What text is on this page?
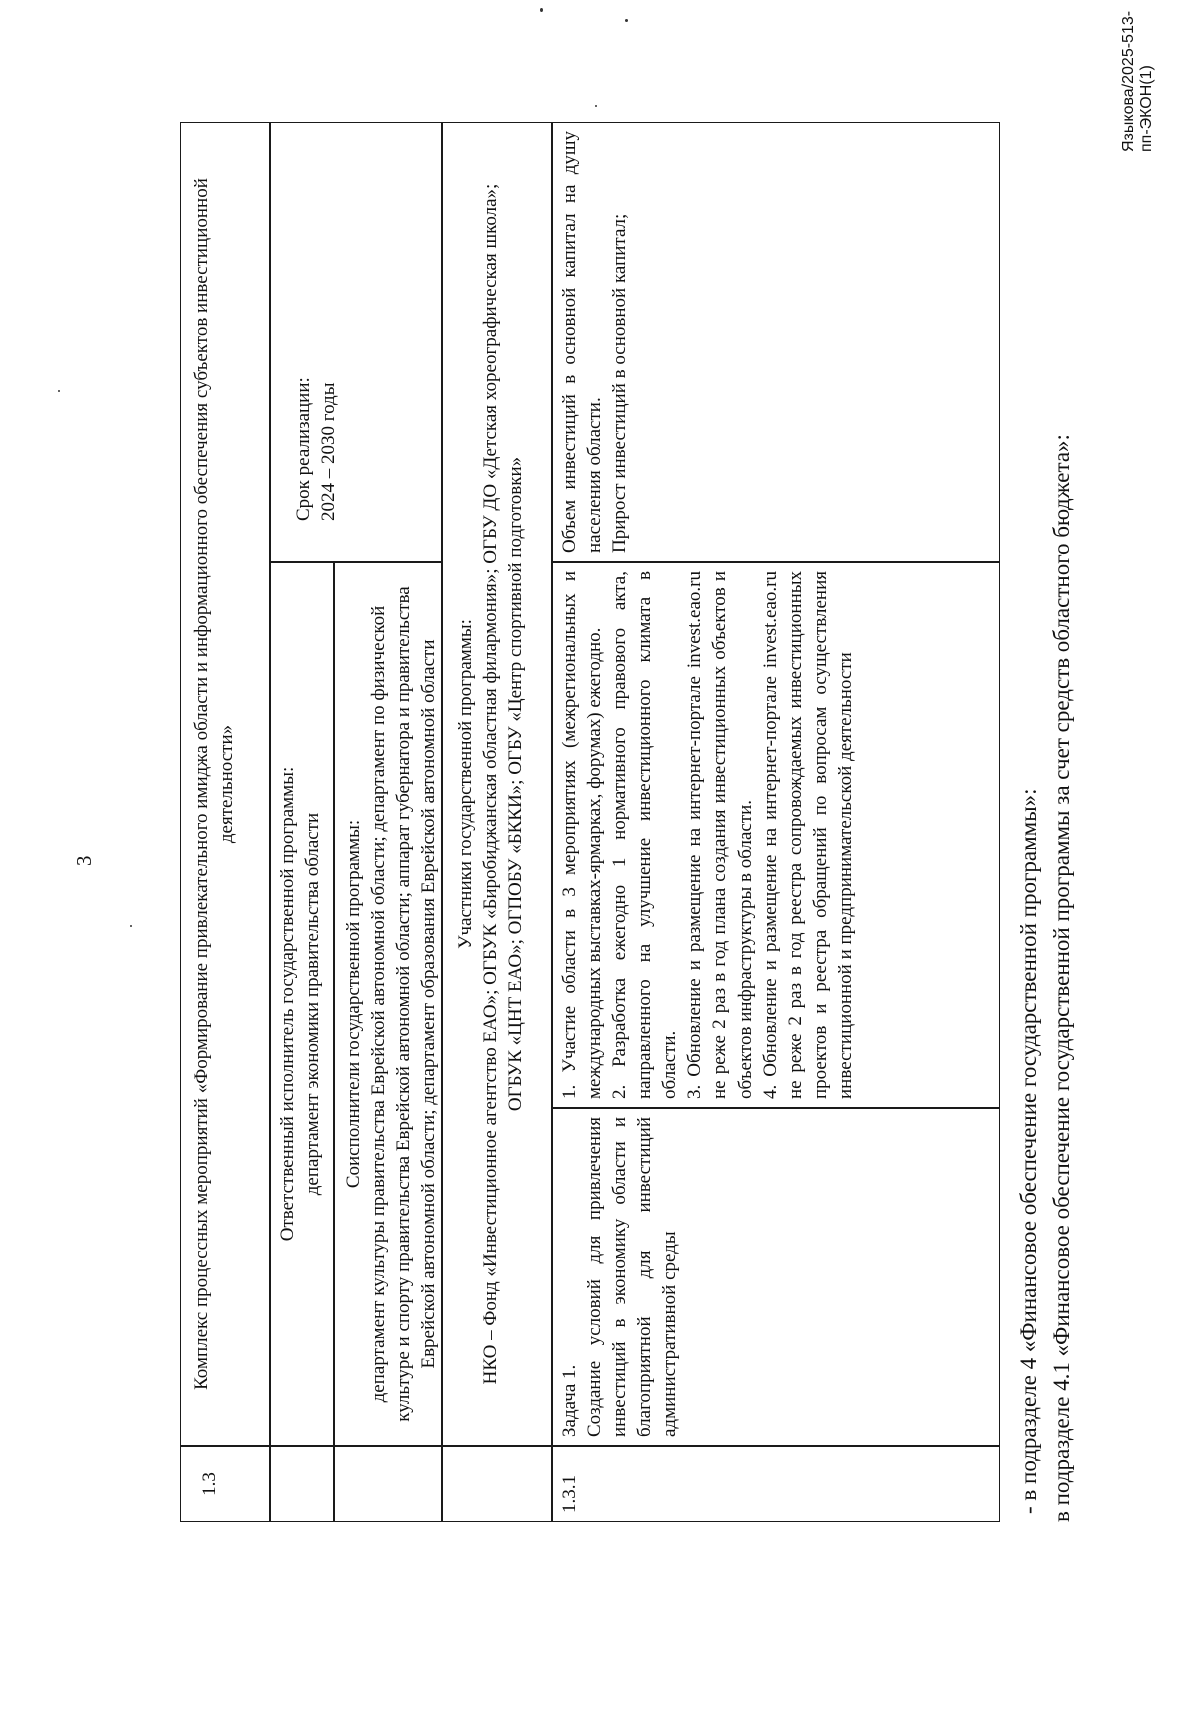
3
1.3
Комплекс процессных мероприятий «Формирование привлекательного имиджа области и информационного обеспечения субъектов инвестиционной деятельности»	Ответственный исполнитель государственной программы: департамент экономики правительства области
Срок реализации: 2024 – 2030 годы
Соисполнители государственной программы: департамент культуры правительства Еврейской автономной области; департамент по физической культуре и спорту правительства Еврейской автономной области; аппарат губернатора и правительства Еврейской автономной области; департамент образования Еврейской автономной области Участники государственной программы: НКО – Фонд «Инвестиционное агентство ЕАО»; ОГБУК «Биробиджанская областная филармония»; ОГБУ ДО «Детская хореографическая школа»; ОГБУК «ЦНТ ЕАО»; ОГПОБУ «БККИ»; ОГБУ «Центр спортивной подготовки»
1.3.1
Задача 1. Создание условий для привлечения инвестиций в экономику области и благоприятной для инвестиций административной среды
1. Участие области в 3 мероприятиях (межрегиональных и международных выставках-ярмарках, форумах) ежегодно. 2. Разработка ежегодно 1 нормативного правового акта, направленного на улучшение инвестиционного климата в области. 3. Обновление и размещение на интернет-портале invest.eao.ru не реже 2 раз в год плана создания инвестиционных объектов и объектов инфраструктуры в области. 4. Обновление и размещение на интернет-портале invest.eao.ru не реже 2 раз в год реестра сопровождаемых инвестиционных проектов и реестра обращений по вопросам осуществления инвестиционной и предпринимательской деятельности
Объем инвестиций в основной капитал на душу населения области. Прирост инвестиций в основной капитал;
- в подразделе 4 «Финансовое обеспечение государственной программы»: в подразделе 4.1 «Финансовое обеспечение государственной программы за счет средств областного бюджета»:
Языкова/2025-513-пп-ЭКОН(1)
